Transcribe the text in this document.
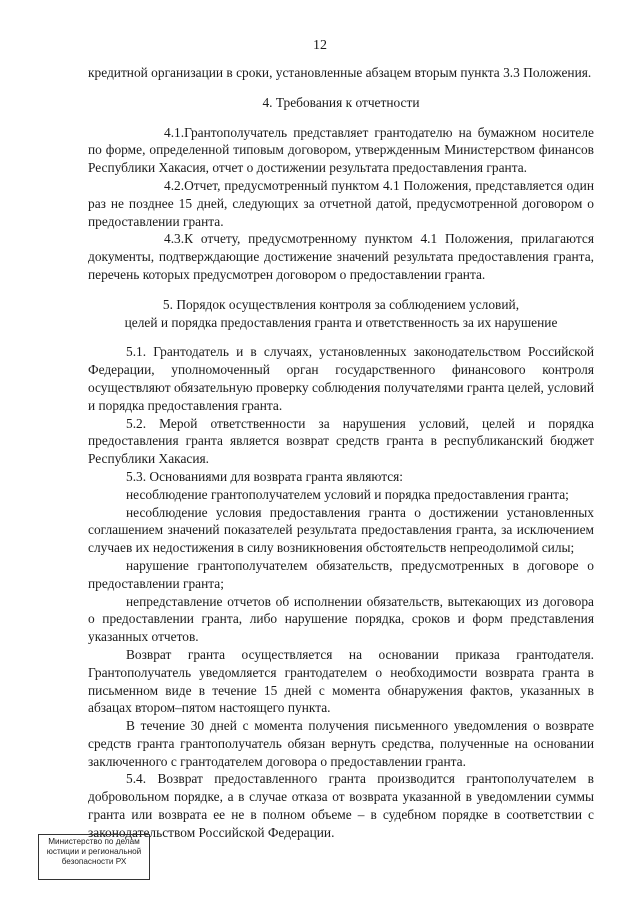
12

кредитной организации в сроки, установленные абзацем вторым пункта 3.3 Положения.

4. Требования к отчетности

4.1.Грантополучатель представляет грантодателю на бумажном носителе по форме, определенной типовым договором, утвержденным Министерством финансов Республики Хакасия, отчет о достижении результата предоставления гранта.

4.2.Отчет, предусмотренный пунктом 4.1 Положения, представляется один раз не позднее 15 дней, следующих за отчетной датой, предусмотренной договором о предоставлении гранта.

4.3.К отчету, предусмотренному пунктом 4.1 Положения, прилагаются документы, подтверждающие достижение значений результата предоставления гранта, перечень которых предусмотрен договором о предоставлении гранта.

5. Порядок осуществления контроля за соблюдением условий,
целей и порядка предоставления гранта и ответственность за их нарушение

5.1. Грантодатель и в случаях, установленных законодательством Российской Федерации, уполномоченный орган государственного финансового контроля осуществляют обязательную проверку соблюдения получателями гранта целей, условий и порядка предоставления гранта.

5.2. Мерой ответственности за нарушения условий, целей и порядка предоставления гранта является возврат средств гранта в республиканский бюджет Республики Хакасия.

5.3. Основаниями для возврата гранта являются:

несоблюдение грантополучателем условий и порядка предоставления гранта;

несоблюдение условия предоставления гранта о достижении установленных соглашением значений показателей результата предоставления гранта, за исключением случаев их недостижения в силу возникновения обстоятельств непреодолимой силы;

нарушение грантополучателем обязательств, предусмотренных в договоре о предоставлении гранта;

непредставление отчетов об исполнении обязательств, вытекающих из договора о предоставлении гранта, либо нарушение порядка, сроков и форм представления указанных отчетов.

Возврат гранта осуществляется на основании приказа грантодателя. Грантополучатель уведомляется грантодателем о необходимости возврата гранта в письменном виде в течение 15 дней с момента обнаружения фактов, указанных в абзацах втором–пятом настоящего пункта.

В течение 30 дней с момента получения письменного уведомления о возврате средств гранта грантополучатель обязан вернуть средства, полученные на основании заключенного с грантодателем договора о предоставлении гранта.

5.4. Возврат предоставленного гранта производится грантополучателем в добровольном порядке, а в случае отказа от возврата указанной в уведомлении суммы гранта или возврата ее не в полном объеме – в судебном порядке в соответствии с законодательством Российской Федерации.

Министерство по делам
юстиции и региональной
безопасности РХ
